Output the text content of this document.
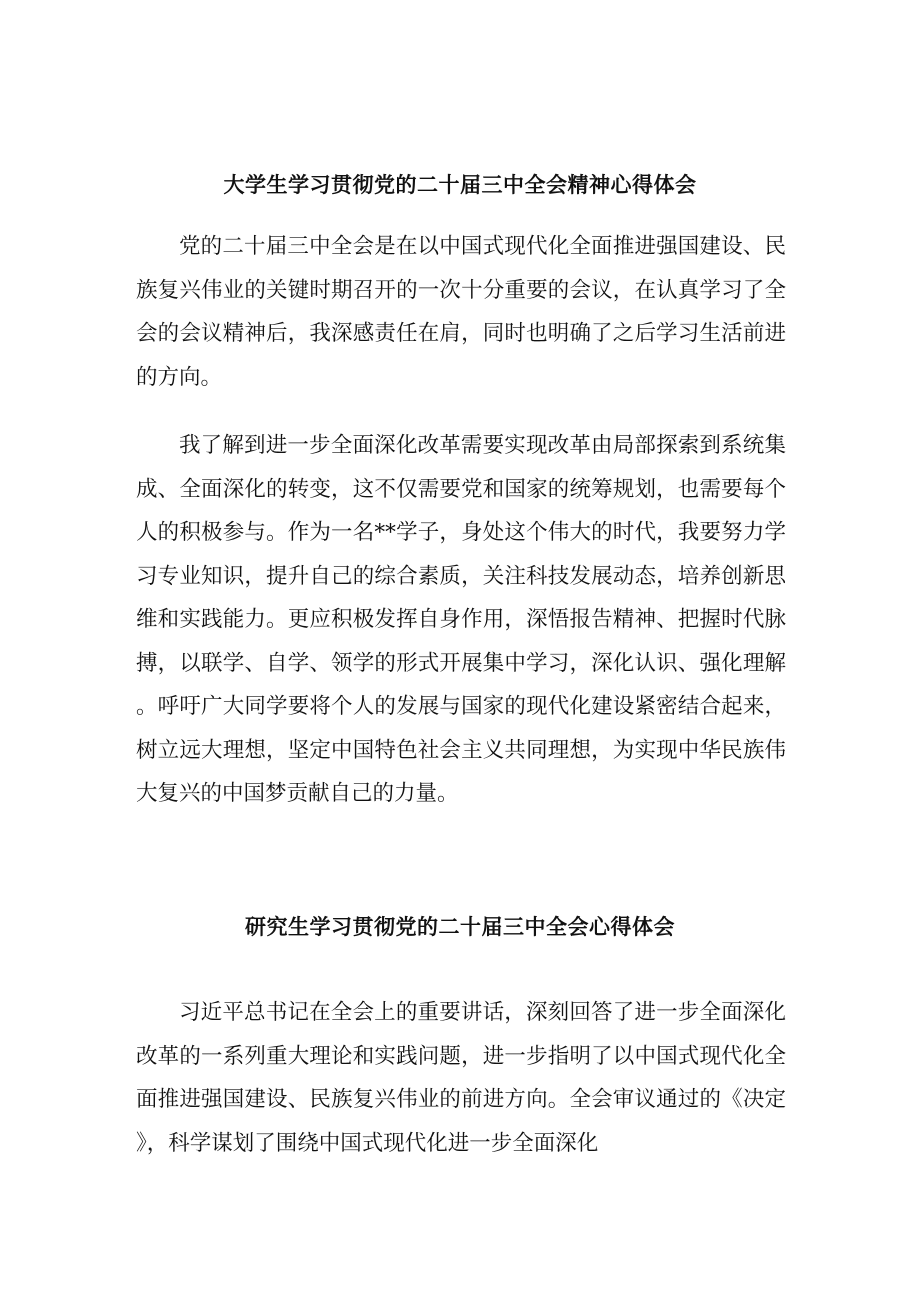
大学生学习贯彻党的二十届三中全会精神心得体会

党的二十届三中全会是在以中国式现代化全面推进强国建设、民族复兴伟业的关键时期召开的一次十分重要的会议，在认真学习了全会的会议精神后，我深感责任在肩，同时也明确了之后学习生活前进的方向。

我了解到进一步全面深化改革需要实现改革由局部探索到系统集成、全面深化的转变，这不仅需要党和国家的统筹规划，也需要每个人的积极参与。作为一名**学子，身处这个伟大的时代，我要努力学习专业知识，提升自己的综合素质，关注科技发展动态，培养创新思维和实践能力。更应积极发挥自身作用，深悟报告精神、把握时代脉搏，以联学、自学、领学的形式开展集中学习，深化认识、强化理解。呼吁广大同学要将个人的发展与国家的现代化建设紧密结合起来，树立远大理想，坚定中国特色社会主义共同理想，为实现中华民族伟大复兴的中国梦贡献自己的力量。

研究生学习贯彻党的二十届三中全会心得体会

习近平总书记在全会上的重要讲话，深刻回答了进一步全面深化改革的一系列重大理论和实践问题，进一步指明了以中国式现代化全面推进强国建设、民族复兴伟业的前进方向。全会审议通过的《决定》，科学谋划了围绕中国式现代化进一步全面深化
